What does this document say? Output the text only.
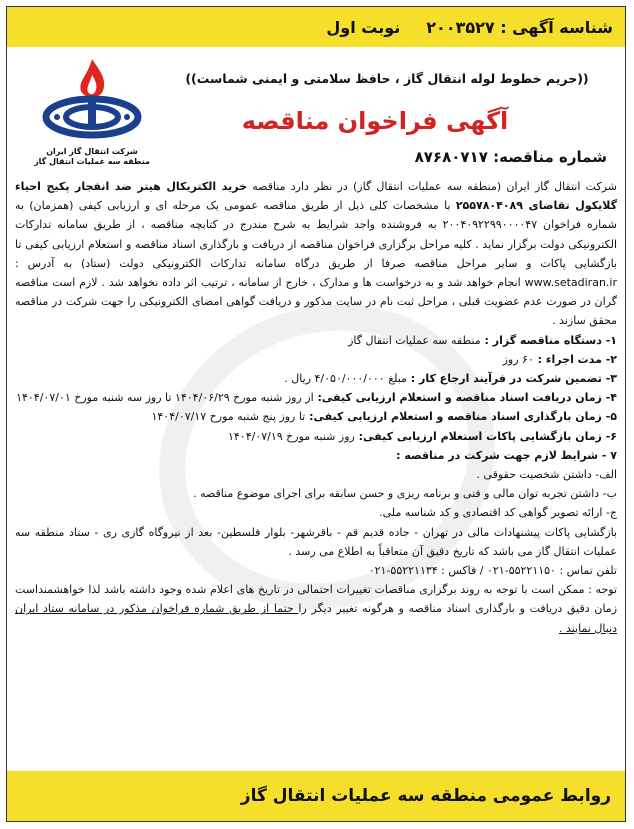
شناسه آگهی : ۲۰۰۳۵۲۷
نوبت اول
شرکت انتقال گاز ایران
منطقه سه عملیات انتقال گاز
((حریم خطوط لوله انتقال گاز ، حافظ سلامتی و ایمنی شماست))
آگهی فراخوان مناقصه
شماره مناقصه: ۸۷۶۸۰۷۱۷

شرکت انتقال گاز ایران (منطقه سه عملیات انتقال گاز) در نظر دارد مناقصه خرید الکتریکال هیتر ضد انفجار پکیج احیاء گلایکول تقاضای ۲۵۵۷۸۰۴۰۸۹ با مشخصات کلی ذیل از طریق مناقصه عمومی یک مرحله ای و ارزیابی کیفی (همزمان) به شماره فراخوان ۲۰۰۴۰۹۲۲۹۹۰۰۰۰۴۷ به فروشنده واجد شرایط به شرح مندرج در کتابچه مناقصه ، از طریق سامانه تدارکات الکترونیکی دولت برگزار نماید . کلیه مراحل برگزاری فراخوان مناقصه از دریافت و بارگذاری اسناد مناقصه و استعلام ارزیابی کیفی تا بازگشایی پاکات و سایر مراحل مناقصه صرفا از طریق درگاه سامانه تدارکات الکترونیکی دولت (ستاد) به آدرس : www.setadiran.ir انجام خواهد شد و به درخواست ها و مدارک ، خارج از سامانه ، ترتیب اثر داده نخواهد شد . لازم است مناقصه گران در صورت عدم عضویت قبلی ، مراحل ثبت نام در سایت مذکور و دریافت گواهی امضای الکترونیکی را جهت شرکت در مناقصه محقق سازند .

۱- دستگاه مناقصه گزار : منطقه سه عملیات انتقال گاز

۲- مدت اجراء : ۶۰ روز

۳- تضمین شرکت در فرآیند ارجاع کار : مبلغ ۴/۰۵۰/۰۰۰/۰۰۰ ریال .

۴- زمان دریافت اسناد مناقصه و استعلام ارزیابی کیفی: از روز شنبه مورخ ۱۴۰۴/۰۶/۲۹ تا روز سه شنبه مورخ ۱۴۰۴/۰۷/۰۱

۵- زمان بارگذاری اسناد مناقصه و استعلام ارزیابی کیفی: تا روز پنج شنبه مورخ ۱۴۰۴/۰۷/۱۷

۶- زمان بازگشایی پاکات استعلام ارزیابی کیفی: روز شنبه مورخ ۱۴۰۴/۰۷/۱۹

۷ - شرایط لازم جهت شرکت در مناقصه :

الف- داشتن شخصیت حقوقی .

ب- داشتن تجربه توان مالی و فنی و برنامه ریزی و حسن سابقه برای اجرای موضوع مناقصه .

ج- ارائه تصویر گواهی کد اقتصادی و کد شناسه ملی.

بازگشایی پاکات پیشنهادات مالی در تهران - جاده قدیم قم - باقرشهر- بلوار فلسطین- بعد از نیروگاه گازی ری - ستاد منطقه سه عملیات انتقال گاز می باشد که تاریخ دقیق آن متعاقباً به اطلاع می رسد .

تلفن تماس : ۵۵۲۲۱۱۵۰-۰۲۱ / فاکس : ۵۵۲۲۱۱۳۴-۰۲۱

توجه : ممکن است با توجه به روند برگزاری مناقصات تغییرات احتمالی در تاریخ های اعلام شده وجود داشته باشد لذا خواهشمنداست زمان دقیق دریافت و بارگذاری اسناد مناقصه و هرگونه تغییر دیگر را حتما از طریق شماره فراخوان مذکور در سامانه ستاد ایران دنبال نمایند .

روابط عمومی منطقه سه عملیات انتقال گاز
